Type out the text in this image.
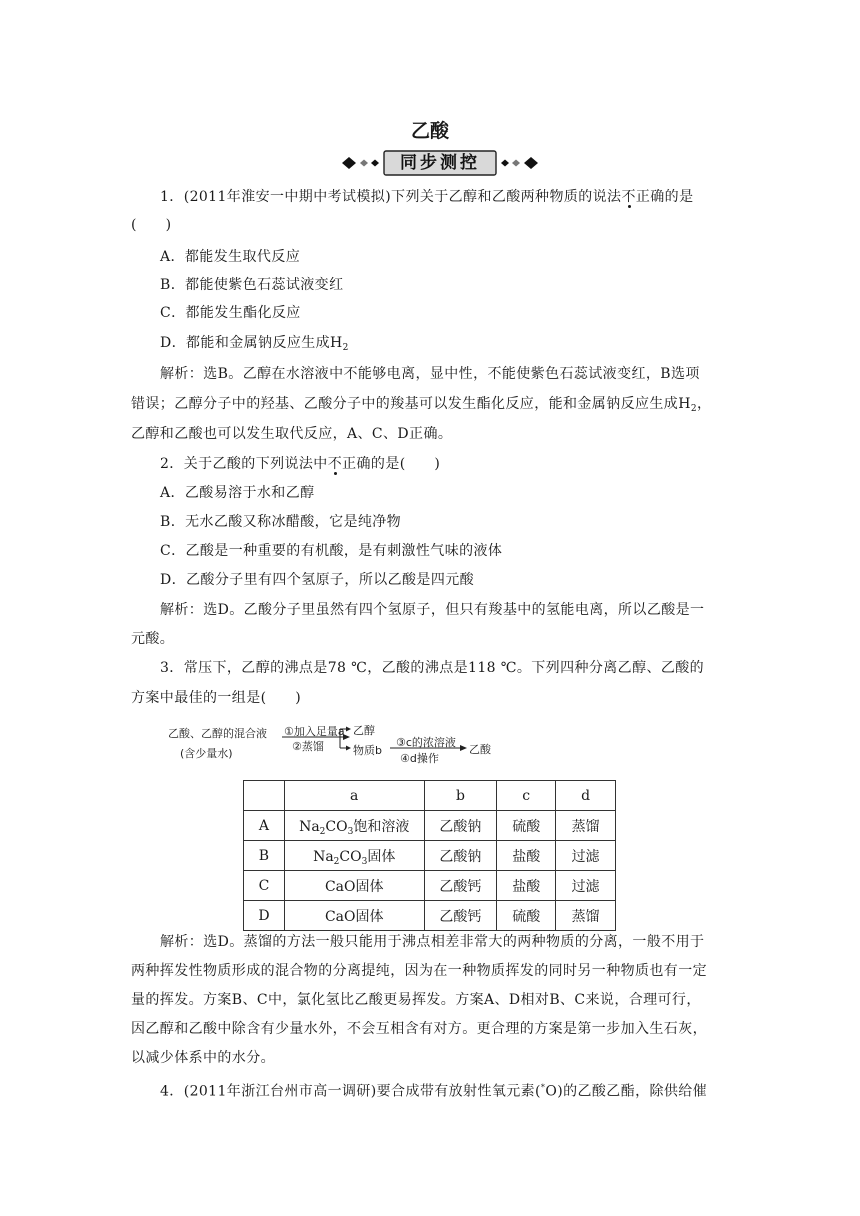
乙酸
同步测控
1．(2011年淮安一中期中考试模拟)下列关于乙醇和乙酸两种物质的说法不正确的是
(　　)
A．都能发生取代反应
B．都能使紫色石蕊试液变红
C．都能发生酯化反应
D．都能和金属钠反应生成$H_2$
解析：选B。乙醇在水溶液中不能够电离，显中性，不能使紫色石蕊试液变红，B选项
错误；乙醇分子中的羟基、乙酸分子中的羧基可以发生酯化反应，能和金属钠反应生成$H_2$，
乙醇和乙酸也可以发生取代反应，A、C、D正确。
2．关于乙酸的下列说法中不正确的是(　　)
A．乙酸易溶于水和乙醇
B．无水乙酸又称冰醋酸，它是纯净物
C．乙酸是一种重要的有机酸，是有刺激性气味的液体
D．乙酸分子里有四个氢原子，所以乙酸是四元酸
解析：选D。乙酸分子里虽然有四个氢原子，但只有羧基中的氢能电离，所以乙酸是一
元酸。
3．常压下，乙醇的沸点是78 ℃，乙酸的沸点是118 ℃。下列四种分离乙醇、乙酸的
方案中最佳的一组是(　　)
乙酸、乙醇的混合液
(含少量水)
①加入足量a
②蒸馏
乙醇
物质b
③c的浓溶液
④d操作
乙酸
	a	b	c	d
A	$Na_2CO_3$饱和溶液	乙酸钠	硫酸	蒸馏
B	$Na_2CO_3$固体	乙酸钠	盐酸	过滤
C	CaO固体	乙酸钙	盐酸	过滤
D	CaO固体	乙酸钙	硫酸	蒸馏
解析：选D。蒸馏的方法一般只能用于沸点相差非常大的两种物质的分离，一般不用于
两种挥发性物质形成的混合物的分离提纯，因为在一种物质挥发的同时另一种物质也有一定
量的挥发。方案B、C中，氯化氢比乙酸更易挥发。方案A、D相对B、C来说，合理可行，
因乙醇和乙酸中除含有少量水外，不会互相含有对方。更合理的方案是第一步加入生石灰，
以减少体系中的水分。
4．(2011年浙江台州市高一调研)要合成带有放射性氧元素(*O)的乙酸乙酯，除供给催
